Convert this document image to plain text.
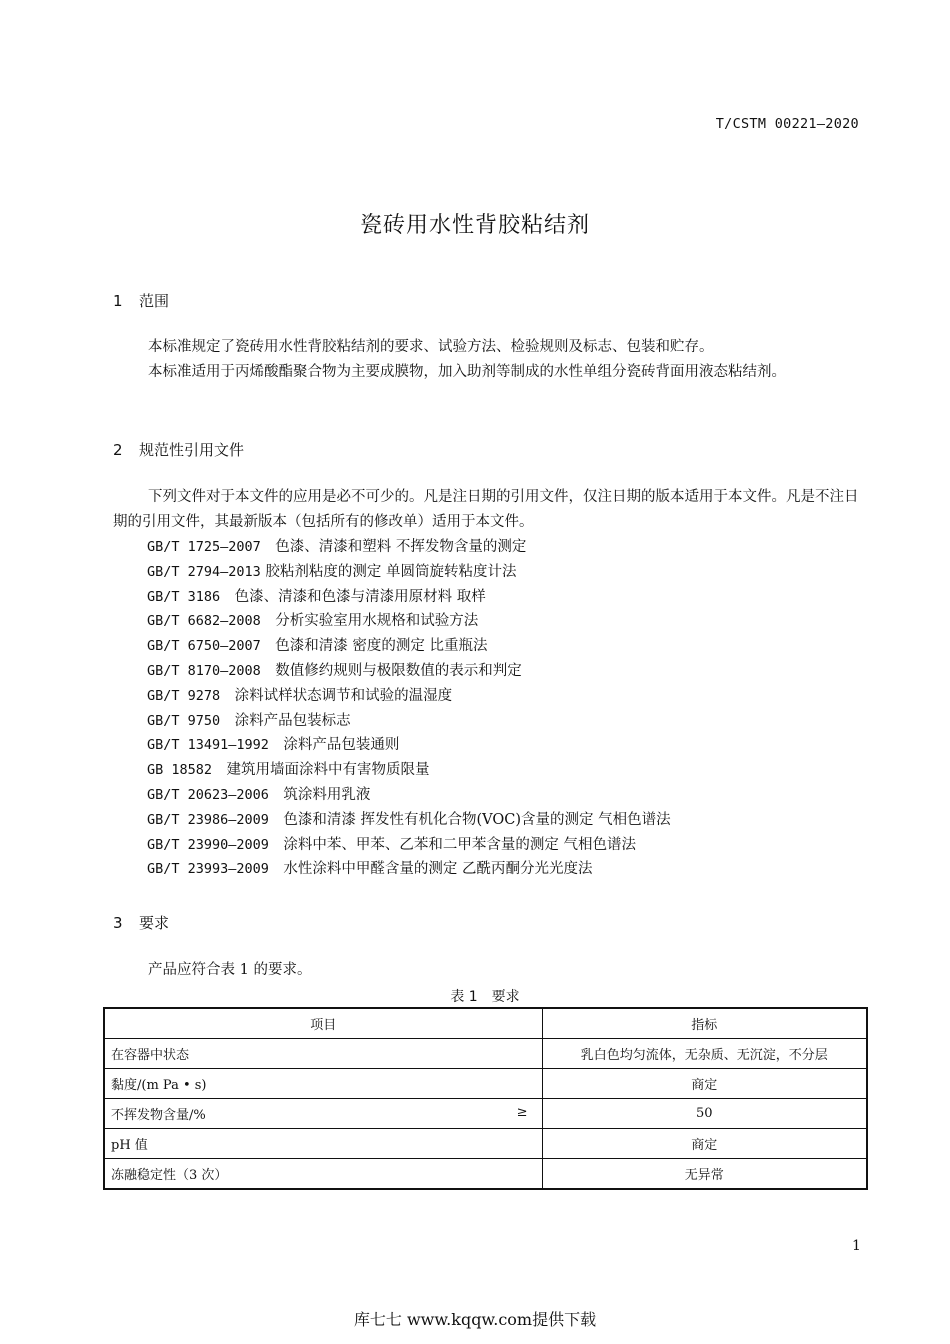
T/CSTM 00221—2020
瓷砖用水性背胶粘结剂
1 范围

本标准规定了瓷砖用水性背胶粘结剂的要求、试验方法、检验规则及标志、包装和贮存。

本标准适用于丙烯酸酯聚合物为主要成膜物，加入助剂等制成的水性单组分瓷砖背面用液态粘结剂。

2 规范性引用文件

下列文件对于本文件的应用是必不可少的。凡是注日期的引用文件，仅注日期的版本适用于本文件。凡是不注日期的引用文件，其最新版本（包括所有的修改单）适用于本文件。

GB/T 1725—2007　 色漆、清漆和塑料 不挥发物含量的测定
GB/T 2794—2013 胶粘剂粘度的测定 单圆筒旋转粘度计法
GB/T 3186　 色漆、清漆和色漆与清漆用原材料 取样
GB/T 6682—2008　 分析实验室用水规格和试验方法
GB/T 6750—2007　 色漆和清漆 密度的测定 比重瓶法
GB/T 8170—2008　 数值修约规则与极限数值的表示和判定
GB/T 9278　 涂料试样状态调节和试验的温湿度
GB/T 9750　 涂料产品包装标志
GB/T 13491—1992　 涂料产品包装通则
GB 18582　 建筑用墙面涂料中有害物质限量
GB/T 20623—2006　 筑涂料用乳液
GB/T 23986—2009　 色漆和清漆 挥发性有机化合物(VOC)含量的测定 气相色谱法
GB/T 23990—2009　 涂料中苯、甲苯、乙苯和二甲苯含量的测定 气相色谱法
GB/T 23993—2009　 水性涂料中甲醛含量的测定 乙酰丙酮分光光度法
3 要求

产品应符合表 1 的要求。

表 1　要求
项目	指标
在容器中状态	乳白色均匀流体，无杂质、无沉淀，不分层
黏度/(m Pa • s)	商定
不挥发物含量/% ≥	50
pH 值	商定
冻融稳定性（3 次）	无异常
1
库七七 www.kqqw.com提供下载
